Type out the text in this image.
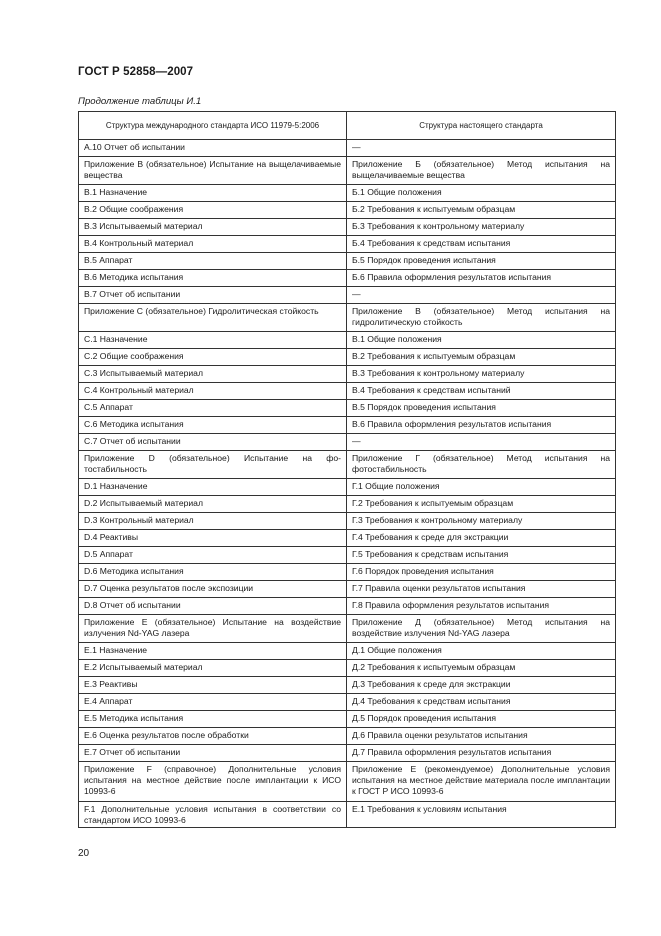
ГОСТ Р 52858—2007
Продолжение таблицы И.1
Структура международного стандарта ИСО 11979-5:2006	Структура настоящего стандарта
А.10 Отчет об испытании	—
Приложение В (обязательное) Испытание на выщелачиваемые вещества	Приложение Б (обязательное) Метод испытания на выщелачиваемые вещества
В.1 Назначение	Б.1 Общие положения
В.2 Общие соображения	Б.2 Требования к испытуемым образцам
В.3 Испытываемый материал	Б.3 Требования к контрольному материалу
В.4 Контрольный материал	Б.4 Требования к средствам испытания
В.5 Аппарат	Б.5 Порядок проведения испытания
В.6 Методика испытания	Б.6 Правила оформления результатов испытания
В.7 Отчет об испытании	—
Приложение С (обязательное) Гидролитическая стойкость	Приложение В (обязательное) Метод испытания на гидролитическую стойкость
С.1 Назначение	В.1 Общие положения
С.2 Общие соображения	В.2 Требования к испытуемым образцам
С.3 Испытываемый материал	В.3 Требования к контрольному материалу
С.4 Контрольный материал	В.4 Требования к средствам испытаний
С.5 Аппарат	В.5 Порядок проведения испытания
С.6 Методика испытания	В.6 Правила оформления результатов испытания
С.7 Отчет об испытании	—
Приложение D (обязательное) Испытание на фотостабильность	Приложение Г (обязательное) Метод испытания на фотостабильность
D.1 Назначение	Г.1 Общие положения
D.2 Испытываемый материал	Г.2 Требования к испытуемым образцам
D.3 Контрольный материал	Г.3 Требования к контрольному материалу
D.4 Реактивы	Г.4 Требования к среде для экстракции
D.5 Аппарат	Г.5 Требования к средствам испытания
D.6 Методика испытания	Г.6 Порядок проведения испытания
D.7 Оценка результатов после экспозиции	Г.7 Правила оценки результатов испытания
D.8 Отчет об испытании	Г.8 Правила оформления результатов испытания
Приложение Е (обязательное) Испытание на воздействие излучения Nd-YAG лазера	Приложение Д (обязательное) Метод испытания на воздействие излучения Nd-YAG лазера
Е.1 Назначение	Д.1 Общие положения
Е.2 Испытываемый материал	Д.2 Требования к испытуемым образцам
Е.3 Реактивы	Д.3 Требования к среде для экстракции
Е.4 Аппарат	Д.4 Требования к средствам испытания
Е.5 Методика испытания	Д.5 Порядок проведения испытания
Е.6 Оценка результатов после обработки	Д.6 Правила оценки результатов испытания
Е.7 Отчет об испытании	Д.7 Правила оформления результатов испытания
Приложение F (справочное) Дополнительные условия испытания на местное действие после имплантации к ИСО 10993-6	Приложение Е (рекомендуемое) Дополнительные условия испытания на местное действие материала после имплантации к ГОСТ Р ИСО 10993-6
F.1 Дополнительные условия испытания в соответствии со стандартом ИСО 10993-6	Е.1 Требования к условиям испытания
20
